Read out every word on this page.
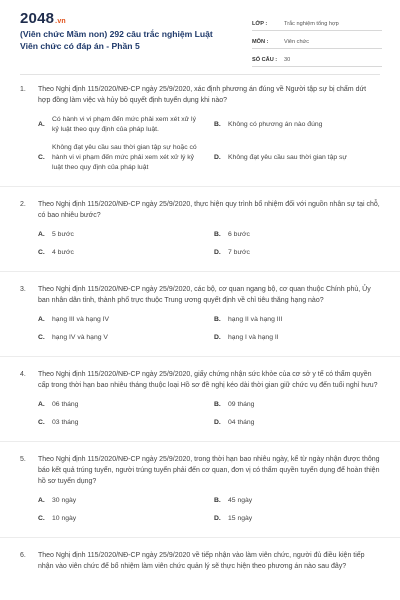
2048.vn
(Viên chức Mầm non) 292 câu trắc nghiệm Luật Viên chức có đáp án - Phần 5
LỚP :	Trắc nghiệm tổng hợp
MÔN :	Viên chức
SỐ CÂU :	30
1.	Theo Nghị định 115/2020/NĐ-CP ngày 25/9/2020, xác định phương án đúng về Người tập sự bị chấm dứt hợp đồng làm việc và hủy bỏ quyết định tuyển dụng khi nào?
A.
Có hành vi vi phạm đến mức phải xem xét xử lý kỷ luật theo quy định của pháp luật.
B.	Không có phương án nào đúng
C.
Không đạt yêu cầu sau thời gian tập sự hoặc có hành vi vi phạm đến mức phải xem xét xử lý kỷ luật theo quy định của pháp luật
D.	Không đạt yêu cầu sau thời gian tập sự
2.	Theo Nghị định 115/2020/NĐ-CP ngày 25/9/2020, thực hiện quy trình bổ nhiệm đối với nguồn nhân sự tại chỗ, có bao nhiêu bước?
A.	5 bước	B.	6 bước
C.	4 bước	D.	7 bước
3.	Theo Nghị định 115/2020/NĐ-CP ngày 25/9/2020, các bộ, cơ quan ngang bộ, cơ quan thuộc Chính phủ, Ủy ban nhân dân tỉnh, thành phố trực thuộc Trung ương quyết định về chỉ tiêu thăng hạng nào?
A.	hạng III và hạng IV	B.	hạng II và hạng III
C.	hạng IV và hạng V	D.	hạng I và hạng II
4.	Theo Nghị định 115/2020/NĐ-CP ngày 25/9/2020, giấy chứng nhận sức khỏe của cơ sở y tế có thẩm quyền cấp trong thời hạn bao nhiêu tháng thuộc loại Hồ sơ đề nghị kéo dài thời gian giữ chức vụ đến tuổi nghỉ hưu?
A.	06 tháng	B.	09 tháng
C.	03 tháng	D.	04 tháng
5.	Theo Nghị định 115/2020/NĐ-CP ngày 25/9/2020, trong thời hạn bao nhiêu ngày, kể từ ngày nhận được thông báo kết quả trúng tuyển, người trúng tuyển phải đến cơ quan, đơn vị có thẩm quyền tuyển dụng để hoàn thiện hồ sơ tuyển dụng?
A.	30 ngày	B.	45 ngày
C.	10 ngày	D.	15 ngày
6.	Theo Nghị định 115/2020/NĐ-CP ngày 25/9/2020 về tiếp nhận vào làm viên chức, người đủ điều kiện tiếp nhận vào viên chức để bổ nhiệm làm viên chức quản lý sẽ thực hiện theo phương án nào sau đây?
